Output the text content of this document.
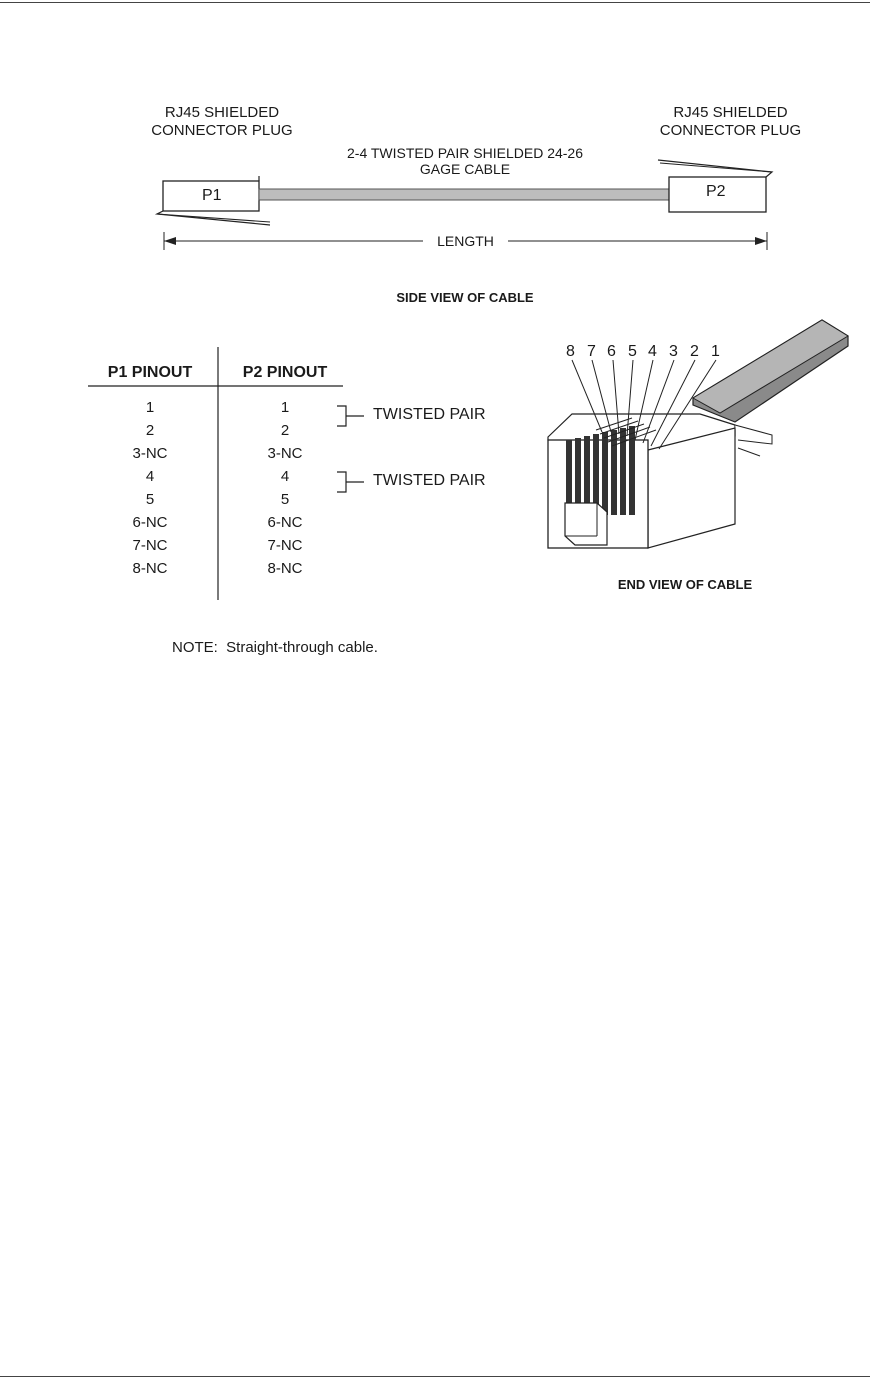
RJ45 SHIELDED
CONNECTOR PLUG
RJ45 SHIELDED
CONNECTOR PLUG
2-4 TWISTED PAIR SHIELDED 24-26
GAGE CABLE
P1	P2
LENGTH
SIDE VIEW OF CABLE
P1 PINOUT	P2 PINOUT
1
2
3-NC
4
5
6-NC
7-NC
8-NC
1
2
3-NC
4
5
6-NC
7-NC
8-NC
TWISTED PAIR
TWISTED PAIR
8 7 6 5 4 3 2 1
END VIEW OF CABLE
NOTE:  Straight-through cable.
